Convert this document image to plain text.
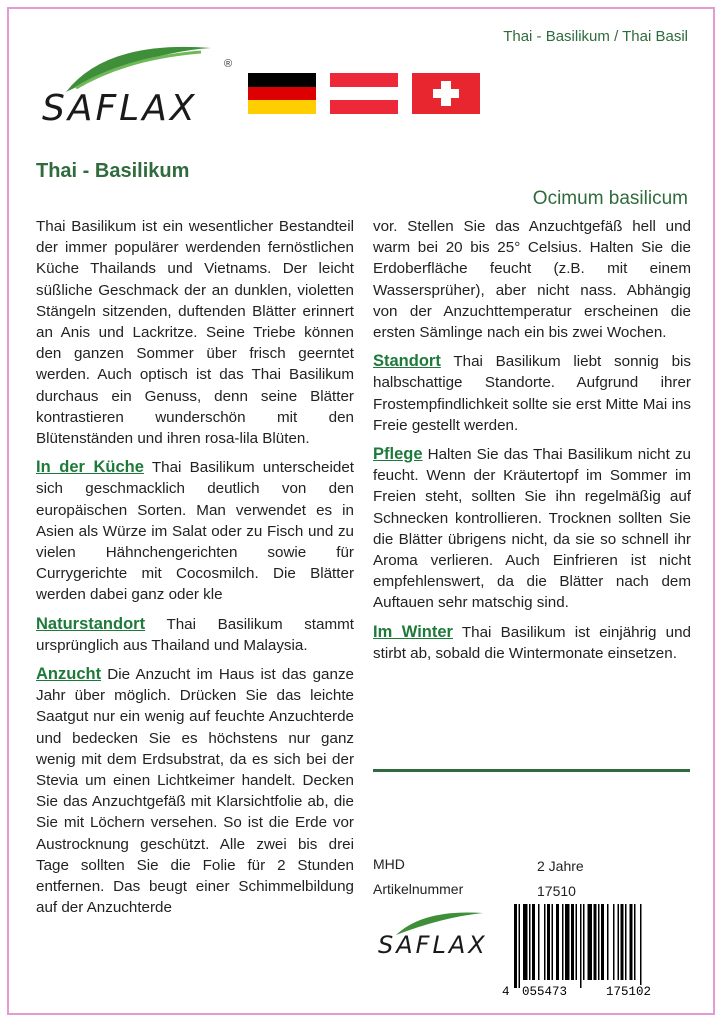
Thai - Basilikum / Thai Basil
SAFLAX
®
Thai - Basilikum
Ocimum basilicum

Thai Basilikum ist ein wesentlicher Bestandteil der immer populärer werdenden fernöstlichen Küche Thailands und Vietnams. Der leicht süßliche Geschmack der an dunklen, violetten Stängeln sitzenden, duftenden Blätter erinnert an Anis und Lackritze. Seine Triebe können den ganzen Sommer über frisch geerntet werden. Auch optisch ist das Thai Basilikum durchaus ein Genuss, denn seine Blätter kontrastieren wunderschön mit den Blütenständen und ihren rosa-lila Blüten.

In der Küche Thai Basilikum unterscheidet sich geschmacklich deutlich von den europäischen Sorten. Man verwendet es in Asien als Würze im Salat oder zu Fisch und zu vielen Hähnchengerichten sowie für Currygerichte mit Cocosmilch. Die Blätter werden dabei ganz oder kle

Naturstandort Thai Basilikum stammt ursprünglich aus Thailand und Malaysia.

Anzucht Die Anzucht im Haus ist das ganze Jahr über möglich. Drücken Sie das leichte Saatgut nur ein wenig auf feuchte Anzuchterde und bedecken Sie es höchstens nur ganz wenig mit dem Erdsubstrat, da es sich bei der Stevia um einen Lichtkeimer handelt. Decken Sie das Anzuchtgefäß mit Klarsichtfolie ab, die Sie mit Löchern versehen. So ist die Erde vor Austrocknung geschützt. Alle zwei bis drei Tage sollten Sie die Folie für 2 Stunden entfernen. Das beugt einer Schimmelbildung auf der Anzuchterde

vor. Stellen Sie das Anzuchtgefäß hell und warm bei 20 bis 25° Celsius. Halten Sie die Erdoberfläche feucht (z.B. mit einem Wassersprüher), aber nicht nass. Abhängig von der Anzuchttemperatur erscheinen die ersten Sämlinge nach ein bis zwei Wochen.

Standort Thai Basilikum liebt sonnig bis halbschattige Standorte. Aufgrund ihrer Frostempfindlichkeit sollte sie erst Mitte Mai ins Freie gestellt werden.

Pflege Halten Sie das Thai Basilikum nicht zu feucht. Wenn der Kräutertopf im Sommer im Freien steht, sollten Sie ihn regelmäßig auf Schnecken kontrollieren. Trocknen sollten Sie die Blätter übrigens nicht, da sie so schnell ihr Aroma verlieren. Auch Einfrieren ist nicht empfehlenswert, da die Blätter nach dem Auftauen sehr matschig sind.

Im Winter Thai Basilikum ist einjährig und stirbt ab, sobald die Wintermonate einsetzen.

MHD	2 Jahre
Artikelnummer	17510
SAFLAX
4 055473	175102
